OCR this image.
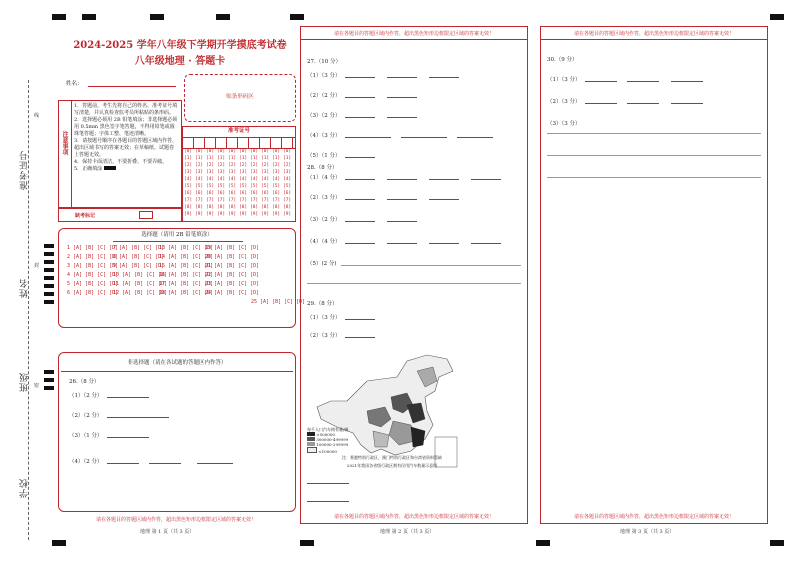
准考证号
姓名
班级
学校
线
封
密
2024-2025 学年八年级下学期开学摸底考试卷
八年级地理 · 答题卡
姓名：
贴条形码区
注意事项
1．答题前，考生先将自己的姓名、准考证号填写清楚，并认真检查监考员所粘贴的条形码。
2．选择题必须用 2B 铅笔填涂；非选择题必须用 0.5mm 黑色签字笔答题，不得用铅笔或圆珠笔答题；字体工整、笔迹清晰。
3．请按题号顺序在各题目的答题区域内作答，超出区域书写的答案无效；在草稿纸、试题卷上答题无效。
4．保持卡面清洁，不要折叠、不要弄破。
5．正确填涂
缺考标记
准考证号
[0] [0] [0] [0] [0] [0] [0] [0] [0] [0]
[1] [1] [1] [1] [1] [1] [1] [1] [1] [1]
[2] [2] [2] [2] [2] [2] [2] [2] [2] [2]
[3] [3] [3] [3] [3] [3] [3] [3] [3] [3]
[4] [4] [4] [4] [4] [4] [4] [4] [4] [4]
[5] [5] [5] [5] [5] [5] [5] [5] [5] [5]
[6] [6] [6] [6] [6] [6] [6] [6] [6] [6]
[7] [7] [7] [7] [7] [7] [7] [7] [7] [7]
[8] [8] [8] [8] [8] [8] [8] [8] [8] [8]
[9] [9] [9] [9] [9] [9] [9] [9] [9] [9]
选择题（请用 2B 铅笔填涂）
1 [A] [B] [C] [D]
2 [A] [B] [C] [D]
3 [A] [B] [C] [D]
4 [A] [B] [C] [D]
5 [A] [B] [C] [D]
6 [A] [B] [C] [D]
7 [A] [B] [C] [D]
8 [A] [B] [C] [D]
9 [A] [B] [C] [D]
10 [A] [B] [C] [D]
11 [A] [B] [C] [D]
12 [A] [B] [C] [D]
13 [A] [B] [C] [D]
14 [A] [B] [C] [D]
15 [A] [B] [C] [D]
16 [A] [B] [C] [D]
17 [A] [B] [C] [D]
18 [A] [B] [C] [D]
19 [A] [B] [C] [D]
20 [A] [B] [C] [D]
21 [A] [B] [C] [D]
22 [A] [B] [C] [D]
23 [A] [B] [C] [D]
24 [A] [B] [C] [D]
25 [A] [B] [C] [D]
非选择题（请在各试题的答题区内作答）
26.（8 分）
（1）（2 分）
（2）（2 分）
（3）（1 分）
（4）（2 分）
请在各题目的答题区域内作答，超出黑色矩形边框限定区域的答案无效！
地理 第 1 页（共 3 页）
请在各题目的答题区域内作答，超出黑色矩形边框限定区域的答案无效！
27.（10 分）
（1）（3 分）
（2）（2 分）
（3）（2 分）
（4）（3 分）
（5）（1 分）
28.（8 分）
（1）（4 分）
（2）（3 分）
（3）（2 分）
（4）（4 分）
（5）(2 分)
29.（8 分）
（1）（3 分）
（2）（3 分）
每千人口汽车拥有量/辆
>500000
300000-499999
100000-299999
<100000
注：香港特别行政区、澳门特别行政区和台湾省资料暂缺
2021年我国各省级行政区拥有民用汽车数量示意图
请在各题目的答题区域内作答，超出黑色矩形边框限定区域的答案无效！
地理 第 2 页（共 3 页）
请在各题目的答题区域内作答，超出黑色矩形边框限定区域的答案无效！
30.（9 分）
（1）（3 分）
（2）（3 分）
（3）（3 分）
请在各题目的答题区域内作答，超出黑色矩形边框限定区域的答案无效！
地理 第 3 页（共 3 页）
